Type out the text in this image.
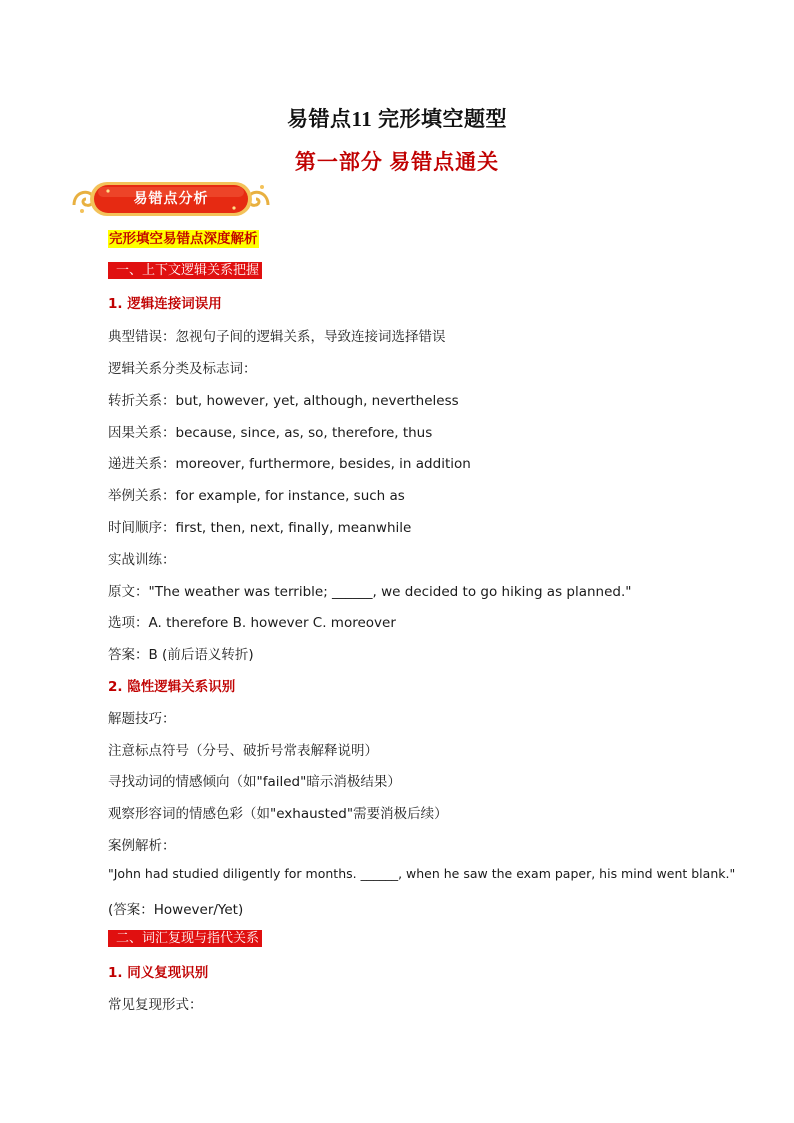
易错点11 完形填空题型
第一部分 易错点通关
易错点分析
完形填空易错点深度解析
一、上下文逻辑关系把握
1. 逻辑连接词误用
典型错误：忽视句子间的逻辑关系，导致连接词选择错误
逻辑关系分类及标志词：
转折关系：but, however, yet, although, nevertheless
因果关系：because, since, as, so, therefore, thus
递进关系：moreover, furthermore, besides, in addition
举例关系：for example, for instance, such as
时间顺序：first, then, next, finally, meanwhile
实战训练：
原文："The weather was terrible; ______, we decided to go hiking as planned."
选项：A. therefore B. however C. moreover
答案：B (前后语义转折)
2. 隐性逻辑关系识别
解题技巧：
注意标点符号（分号、破折号常表解释说明）
寻找动词的情感倾向（如"failed"暗示消极结果）
观察形容词的情感色彩（如"exhausted"需要消极后续）
案例解析：
"John had studied diligently for months. ______, when he saw the exam paper, his mind went blank."
(答案：However/Yet)
二、词汇复现与指代关系
1. 同义复现识别
常见复现形式：
